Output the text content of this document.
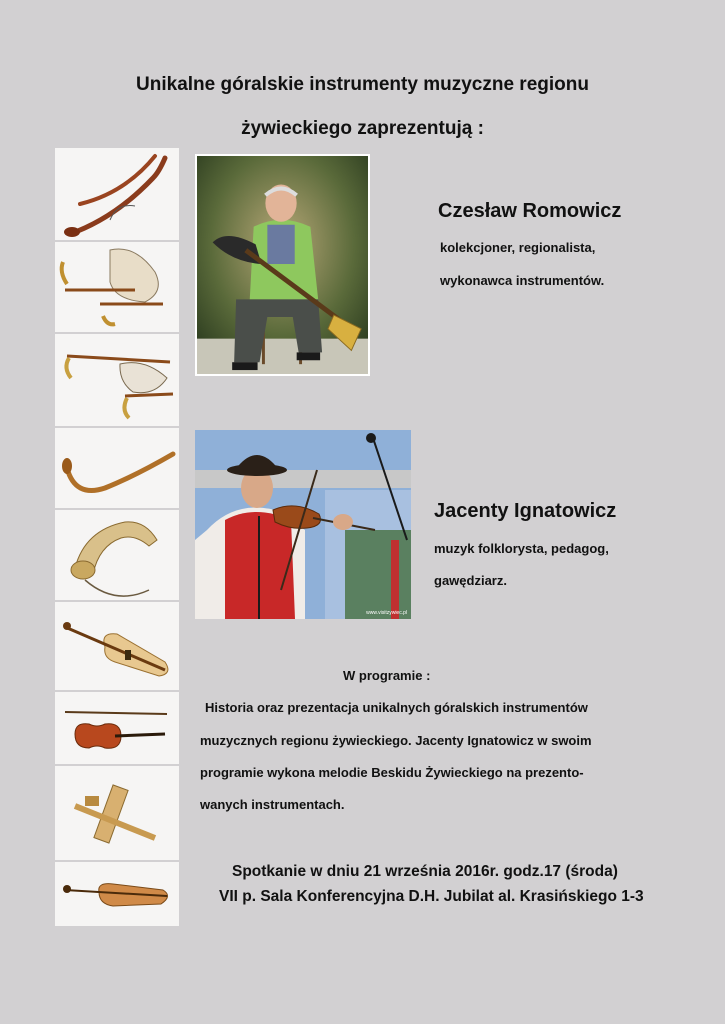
Unikalne góralskie instrumenty muzyczne regionu
żywieckiego zaprezentują :
Czesław Romowicz
kolekcjoner, regionalista,
wykonawca instrumentów.
www.visitzywiec.pl
Jacenty Ignatowicz
muzyk folklorysta, pedagog,
gawędziarz.
W programie :
Historia oraz prezentacja unikalnych góralskich instrumentów
muzycznych regionu żywieckiego. Jacenty Ignatowicz w swoim
programie wykona melodie Beskidu Żywieckiego na prezento-
wanych instrumentach.
Spotkanie w dniu 21 września 2016r. godz.17 (środa)
VII p. Sala Konferencyjna D.H. Jubilat al. Krasińskiego 1-3
